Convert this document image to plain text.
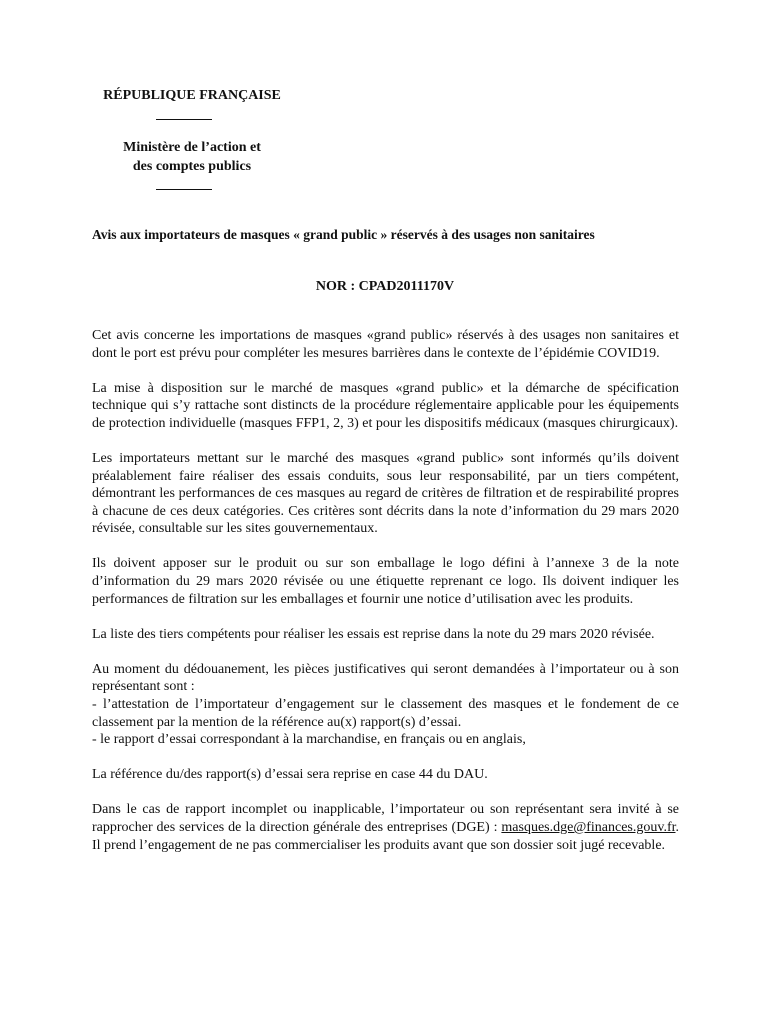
RÉPUBLIQUE FRANÇAISE
Ministère de l’action et
des comptes publics
Avis aux importateurs de masques « grand public » réservés à des usages non sanitaires
NOR : CPAD2011170V

Cet avis concerne les importations de masques «grand public» réservés à des usages non sanitaires et dont le port est prévu pour compléter les mesures barrières dans le contexte de l’épidémie COVID19.

La mise à disposition sur le marché de masques «grand public» et la démarche de spécification technique qui s’y rattache sont distincts de la procédure réglementaire applicable pour les équipements de protection individuelle (masques FFP1, 2, 3) et pour les dispositifs médicaux (masques chirurgicaux).

Les importateurs mettant sur le marché des masques «grand public» sont informés qu’ils doivent préalablement faire réaliser des essais conduits, sous leur responsabilité, par un tiers compétent, démontrant les performances de ces masques au regard de critères de filtration et de respirabilité propres à chacune de ces deux catégories. Ces critères sont décrits dans la note d’information du 29 mars 2020 révisée, consultable sur les sites gouvernementaux.

Ils doivent apposer sur le produit ou sur son emballage le logo défini à l’annexe 3 de la note d’information du 29 mars 2020 révisée ou une étiquette reprenant ce logo. Ils doivent indiquer les performances de filtration sur les emballages et fournir une notice d’utilisation avec les produits.

La liste des tiers compétents pour réaliser les essais est reprise dans la note du 29 mars 2020 révisée.

Au moment du dédouanement, les pièces justificatives qui seront demandées à l’importateur ou à son représentant sont :
- l’attestation de l’importateur d’engagement sur le classement des masques et le fondement de ce classement par la mention de la référence au(x) rapport(s) d’essai.
- le rapport d’essai correspondant à la marchandise, en français ou en anglais,

La référence du/des rapport(s) d’essai sera reprise en case 44 du DAU.

Dans le cas de rapport incomplet ou inapplicable, l’importateur ou son représentant sera invité à se rapprocher des services de la direction générale des entreprises (DGE) : masques.dge@finances.gouv.fr. Il prend l’engagement de ne pas commercialiser les produits avant que son dossier soit jugé recevable.
